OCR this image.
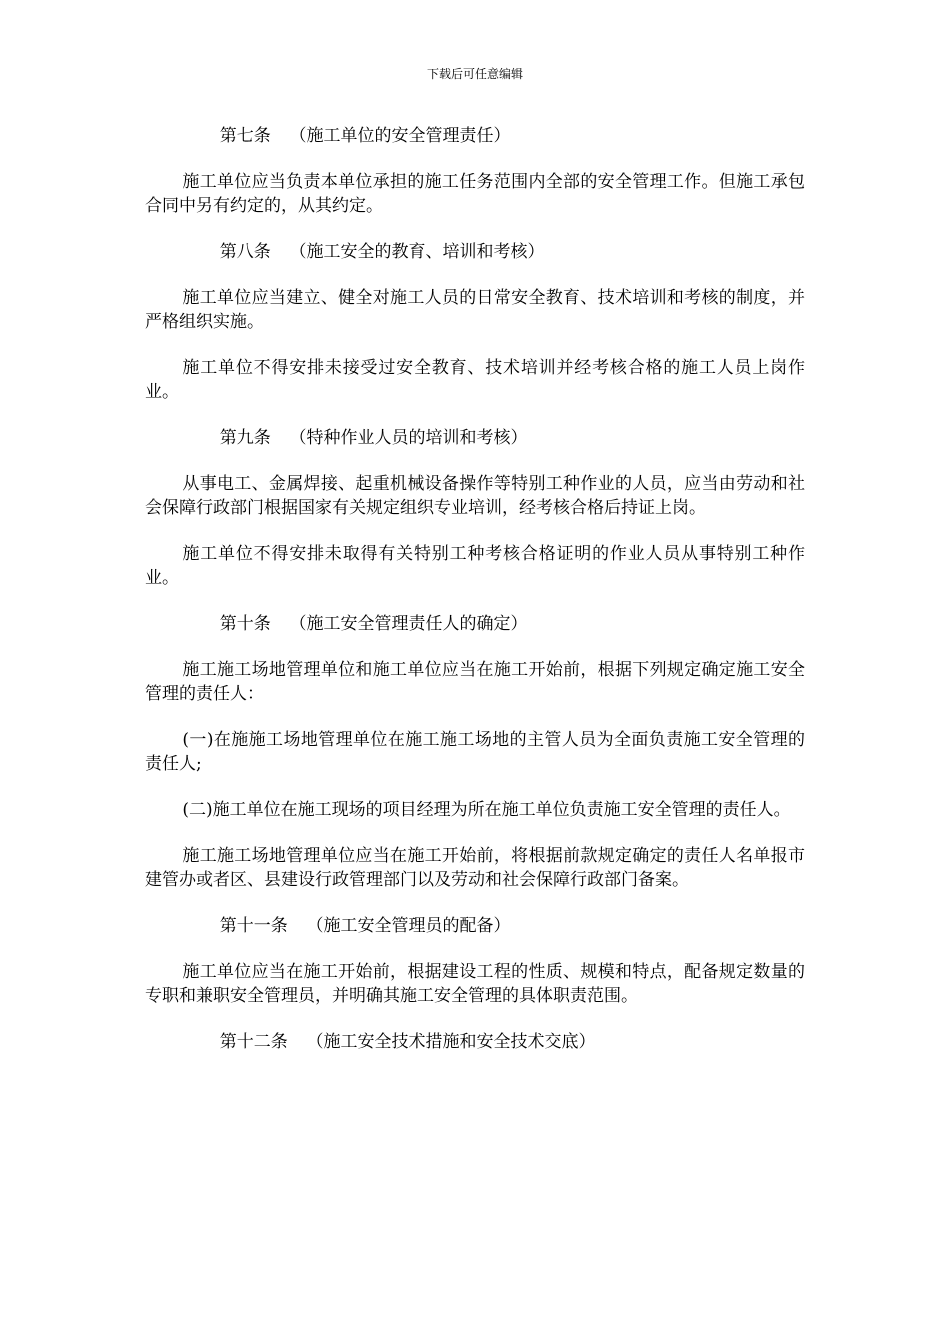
下载后可任意编辑

第七条 （施工单位的安全管理责任）

施工单位应当负责本单位承担的施工任务范围内全部的安全管理工作。但施工承包合同中另有约定的，从其约定。

第八条 （施工安全的教育、培训和考核）

施工单位应当建立、健全对施工人员的日常安全教育、技术培训和考核的制度，并严格组织实施。

施工单位不得安排未接受过安全教育、技术培训并经考核合格的施工人员上岗作业。

第九条 （特种作业人员的培训和考核）

从事电工、金属焊接、起重机械设备操作等特别工种作业的人员，应当由劳动和社会保障行政部门根据国家有关规定组织专业培训，经考核合格后持证上岗。

施工单位不得安排未取得有关特别工种考核合格证明的作业人员从事特别工种作业。

第十条 （施工安全管理责任人的确定）

施工施工场地管理单位和施工单位应当在施工开始前，根据下列规定确定施工安全管理的责任人：

(一)在施施工场地管理单位在施工施工场地的主管人员为全面负责施工安全管理的责任人;

(二)施工单位在施工现场的项目经理为所在施工单位负责施工安全管理的责任人。

施工施工场地管理单位应当在施工开始前，将根据前款规定确定的责任人名单报市建管办或者区、县建设行政管理部门以及劳动和社会保障行政部门备案。

第十一条 （施工安全管理员的配备）

施工单位应当在施工开始前，根据建设工程的性质、规模和特点，配备规定数量的专职和兼职安全管理员，并明确其施工安全管理的具体职责范围。

第十二条 （施工安全技术措施和安全技术交底）
